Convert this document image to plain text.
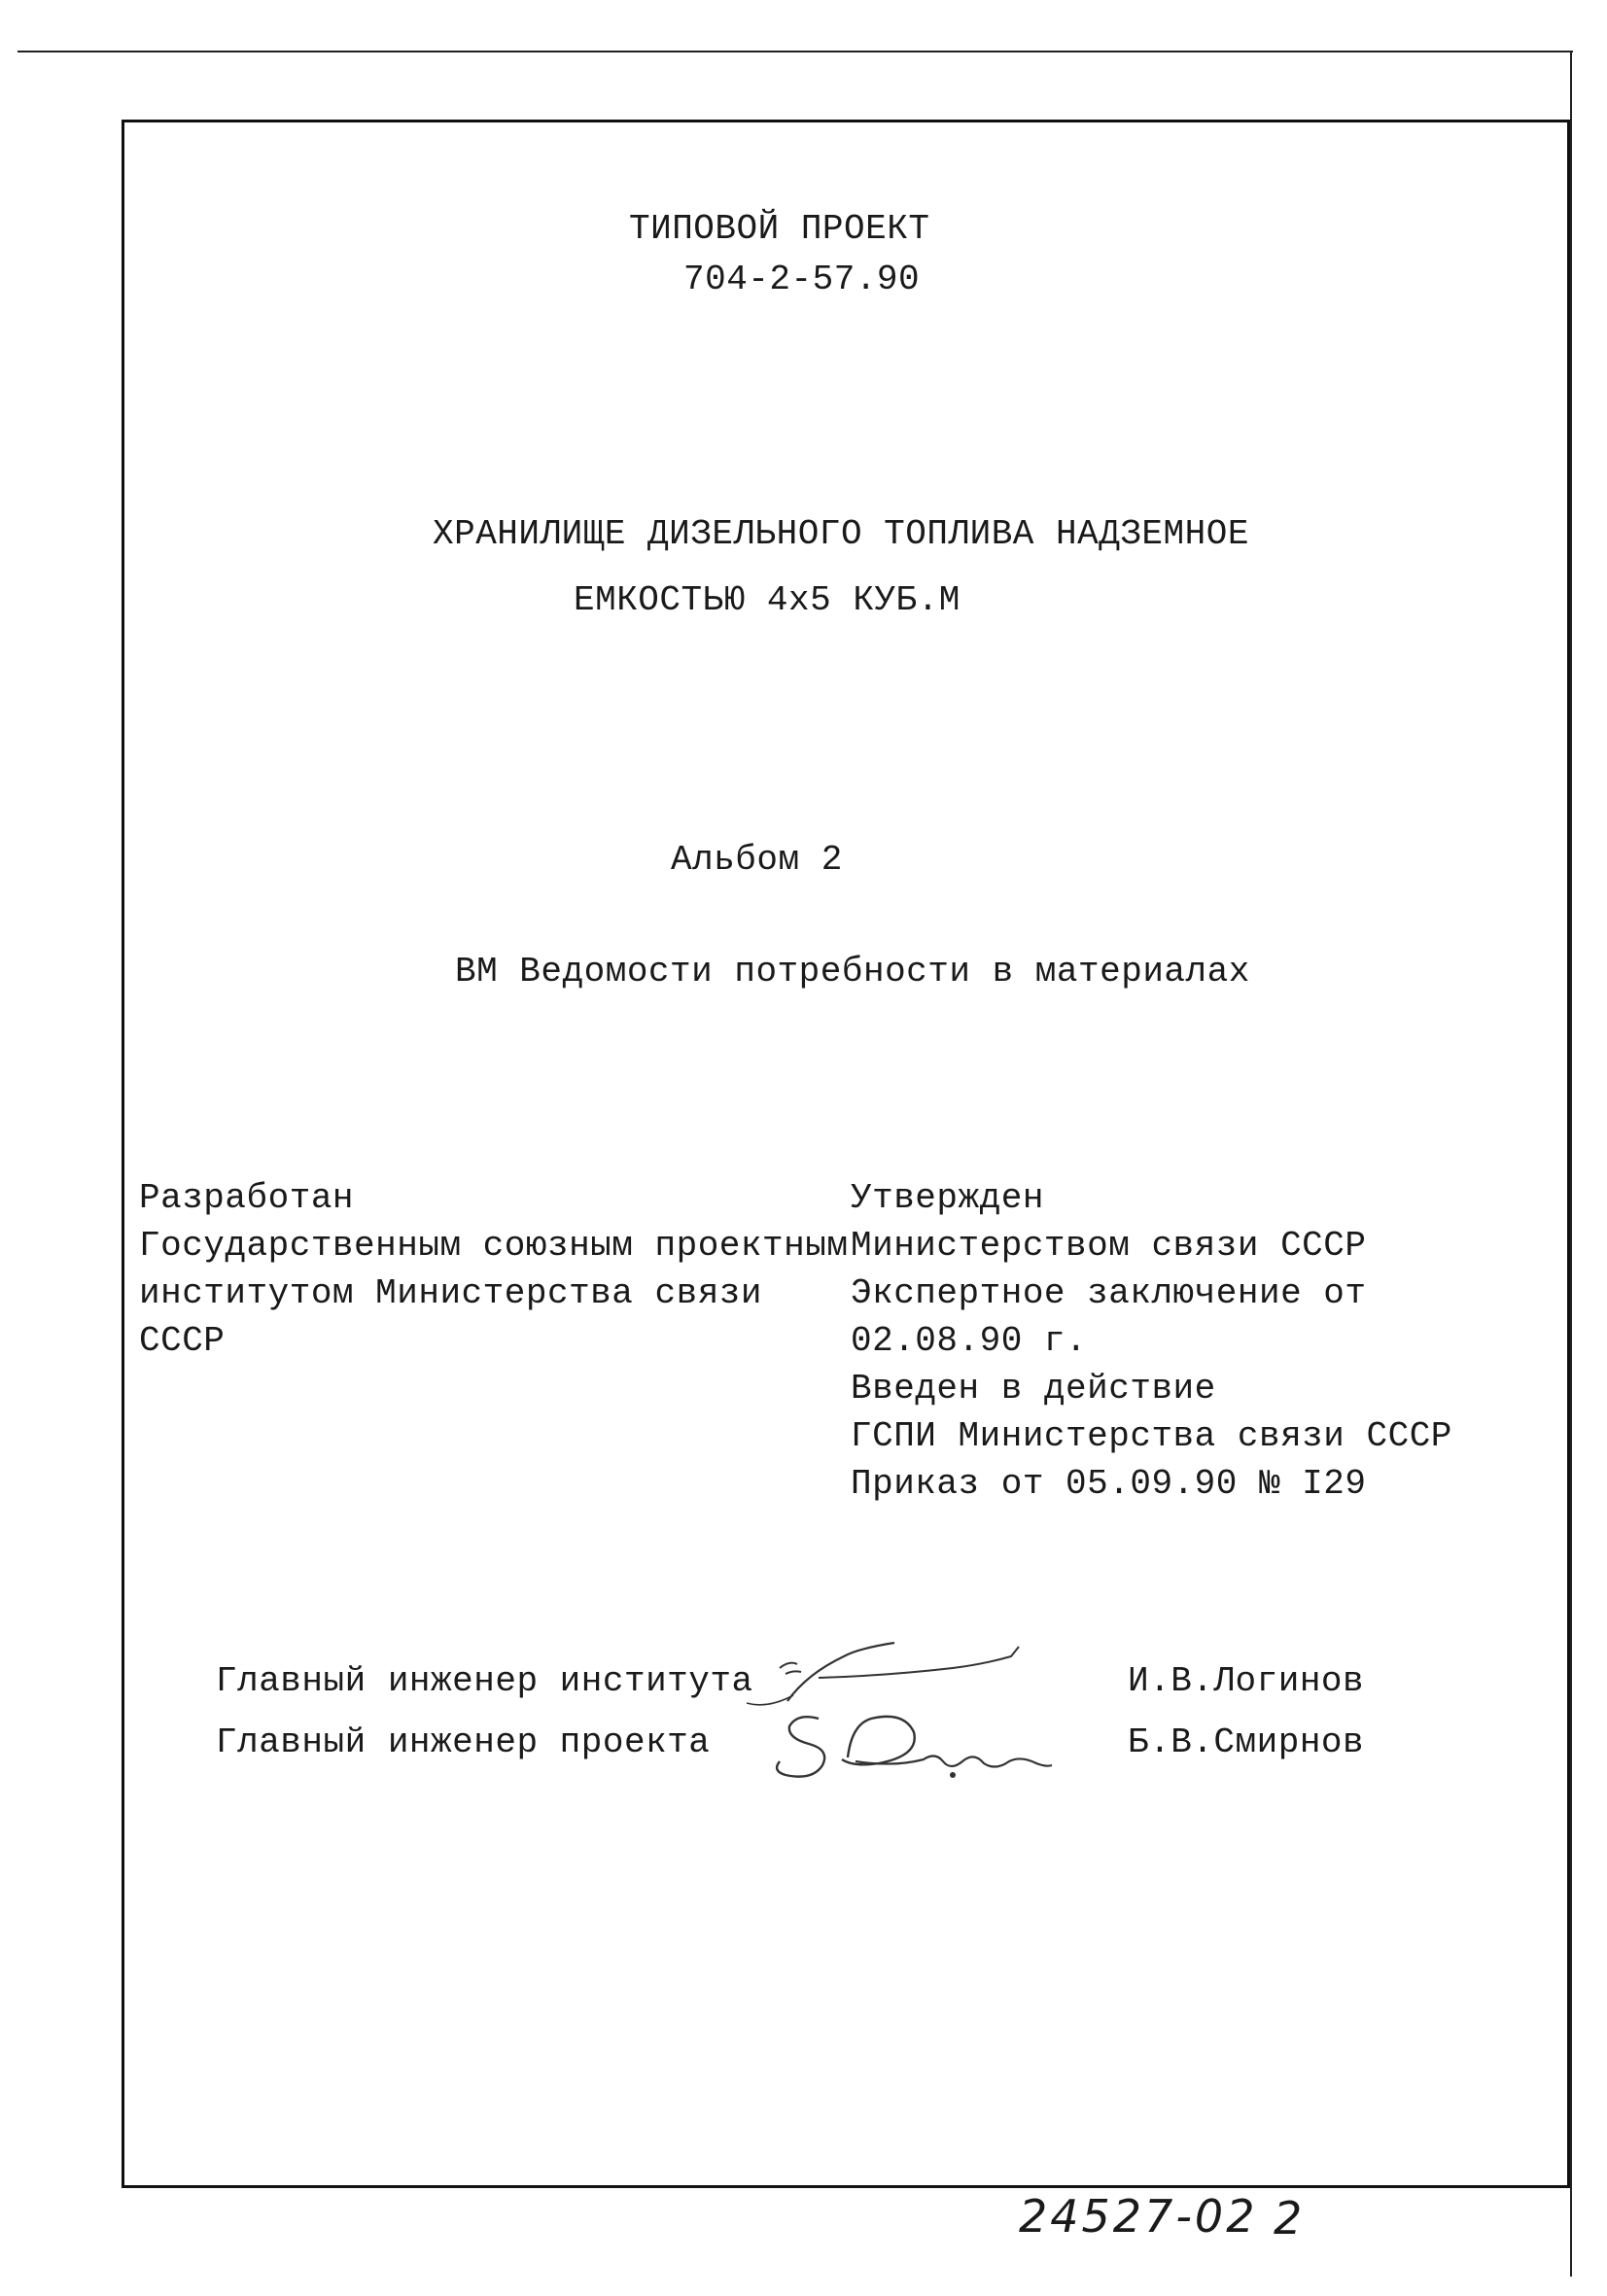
ТИПОВОЙ ПРОЕКТ
704-2-57.90
ХРАНИЛИЩЕ ДИЗЕЛЬНОГО ТОПЛИВА НАДЗЕМНОЕ
ЕМКОСТЬЮ 4х5 КУБ.М
Альбом 2
ВМ Ведомости потребности в материалах
Разработан
Государственным союзным проектным
институтом Министерства связи
СССР
Утвержден
Министерством связи СССР
Экспертное заключение от
02.08.90 г.
Введен в действие
ГСПИ Министерства связи СССР
Приказ от 05.09.90 № I29
Главный инженер института	И.В.Логинов
Главный инженер проекта	Б.В.Смирнов
24527-02 2
